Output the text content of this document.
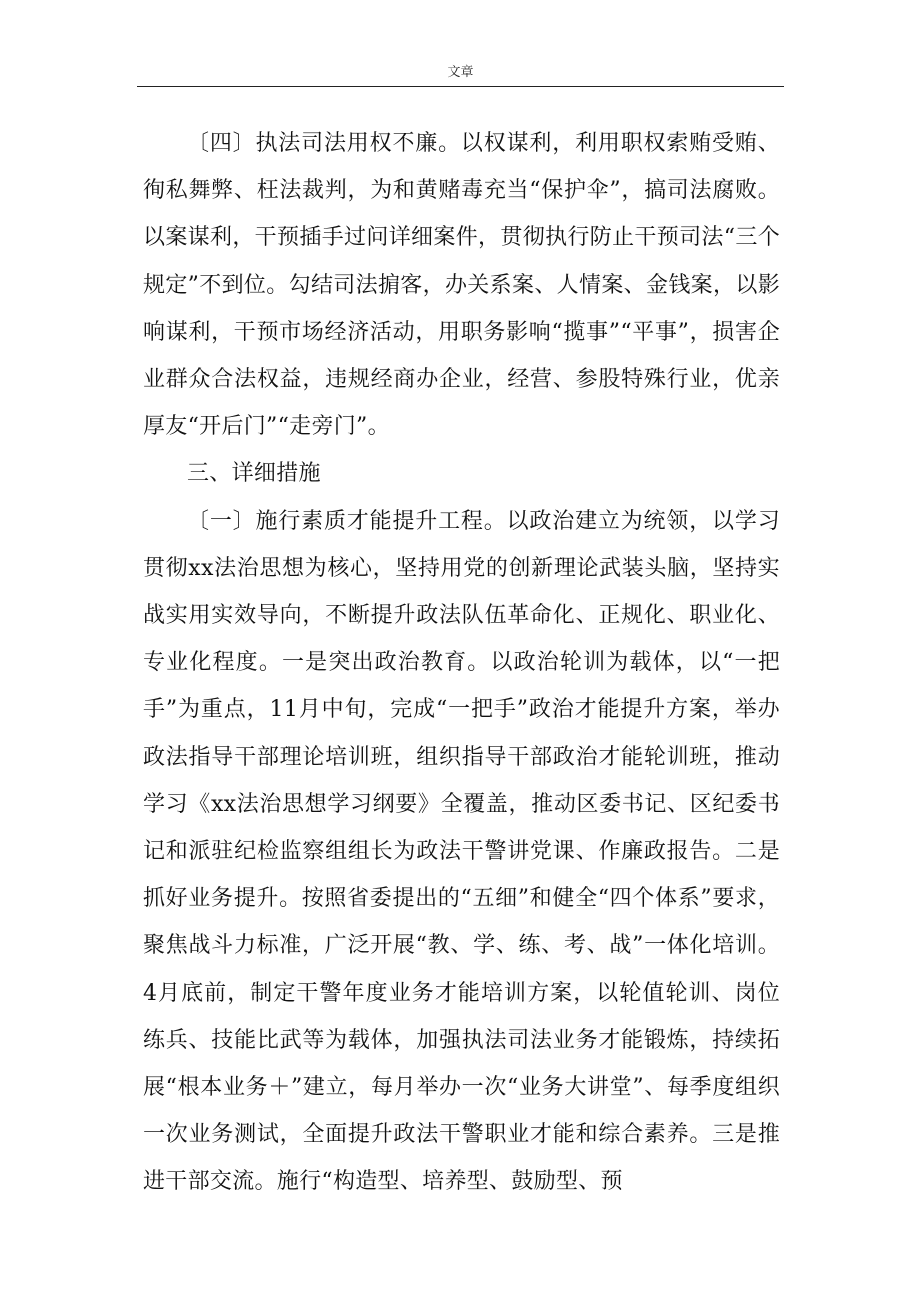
文章

〔四〕执法司法用权不廉。以权谋利，利用职权索贿受贿、徇私舞弊、枉法裁判，为和黄赌毒充当“保护伞”，搞司法腐败。以案谋利，干预插手过问详细案件，贯彻执行防止干预司法“三个规定”不到位。勾结司法掮客，办关系案、人情案、金钱案，以影响谋利，干预市场经济活动，用职务影响“揽事”“平事”，损害企业群众合法权益，违规经商办企业，经营、参股特殊行业，优亲厚友“开后门”“走旁门”。

三、详细措施

〔一〕施行素质才能提升工程。以政治建立为统领，以学习贯彻xx法治思想为核心，坚持用党的创新理论武装头脑，坚持实战实用实效导向，不断提升政法队伍革命化、正规化、职业化、专业化程度。一是突出政治教育。以政治轮训为载体，以“一把手”为重点，11月中旬，完成“一把手”政治才能提升方案，举办政法指导干部理论培训班，组织指导干部政治才能轮训班，推动学习《xx法治思想学习纲要》全覆盖，推动区委书记、区纪委书记和派驻纪检监察组组长为政法干警讲党课、作廉政报告。二是抓好业务提升。按照省委提出的“五细”和健全“四个体系”要求，聚焦战斗力标准，广泛开展“教、学、练、考、战”一体化培训。4月底前，制定干警年度业务才能培训方案，以轮值轮训、岗位练兵、技能比武等为载体，加强执法司法业务才能锻炼，持续拓展“根本业务＋”建立，每月举办一次“业务大讲堂”、每季度组织一次业务测试，全面提升政法干警职业才能和综合素养。三是推进干部交流。施行“构造型、培养型、鼓励型、预
